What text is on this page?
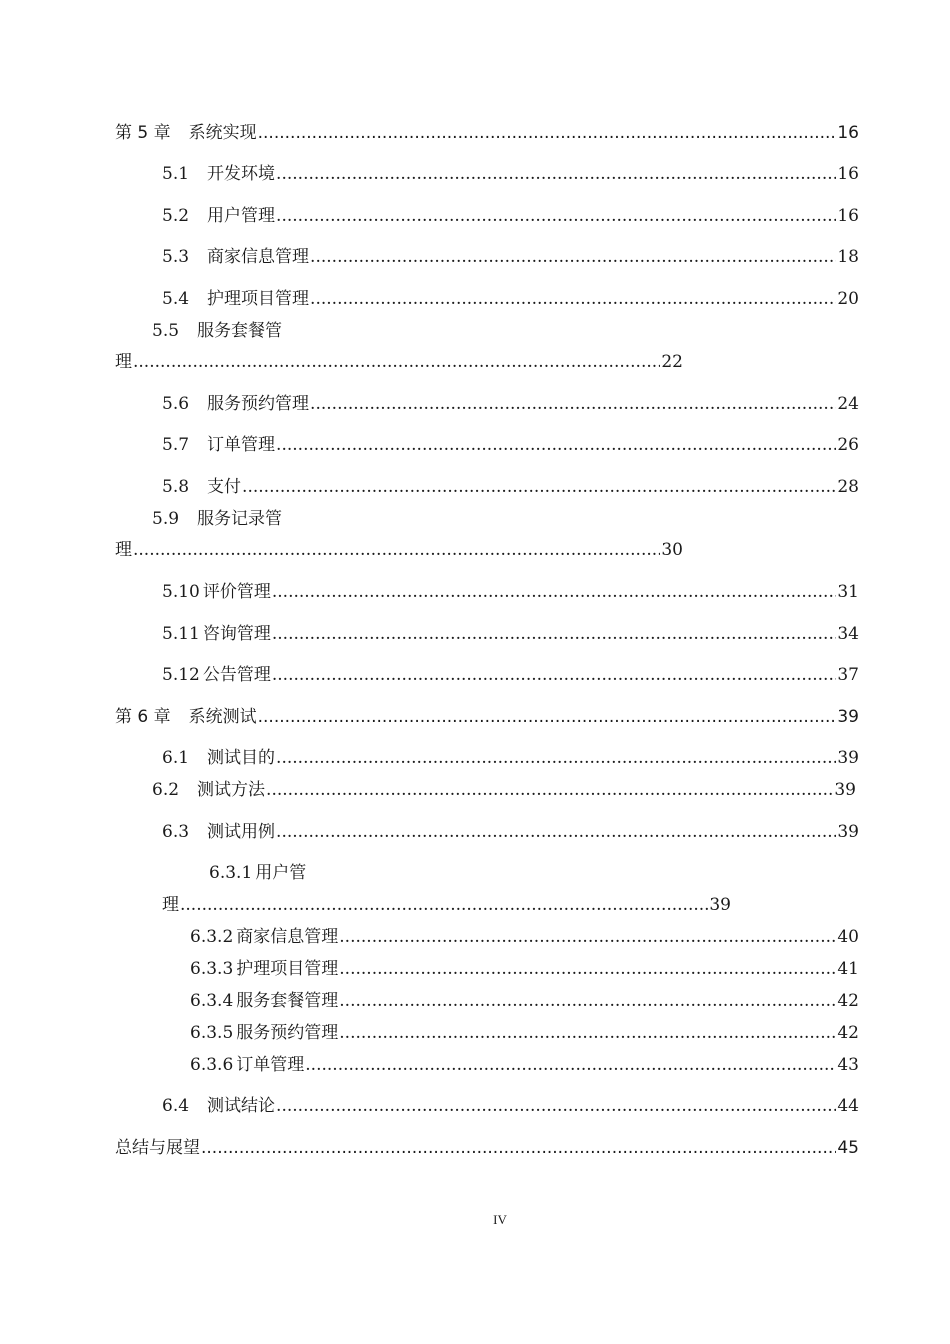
第 5 章 系统实现 .....	16
5.1 开发环境 .....	16
5.2 用户管理 .....	16
5.3 商家信息管理 .....	18
5.4 护理项目管理 .....	20
5.5 服务套餐管
理 .....	22
5.6 服务预约管理 .....	24
5.7 订单管理 .....	26
5.8 支付 .....	28
5.9 服务记录管
理 .....	30
5.10 评价管理 .....	31
5.11 咨询管理 .....	34
5.12 公告管理 .....	37
第 6 章 系统测试 .....	39
6.1 测试目的 .....	39
6.2 测试方法 .....	39
6.3 测试用例 .....	39
6.3.1 用户管
理 .....	39
6.3.2 商家信息管理 .....	40
6.3.3 护理项目管理 .....	41
6.3.4 服务套餐管理 .....	42
6.3.5 服务预约管理 .....	42
6.3.6 订单管理 .....	43
6.4 测试结论 .....	44
总结与展望 .....	45
IV
